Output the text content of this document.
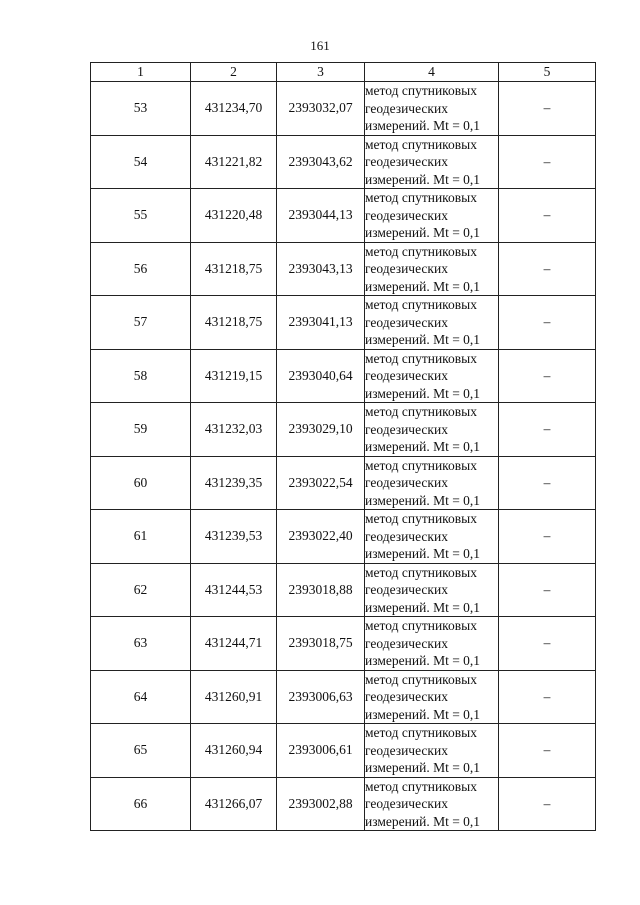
161
1	2	3	4	5
53	431234,70	2393032,07	метод спутниковых
геодезических
измерений. Mt = 0,1	–
54	431221,82	2393043,62	метод спутниковых
геодезических
измерений. Mt = 0,1	–
55	431220,48	2393044,13	метод спутниковых
геодезических
измерений. Mt = 0,1	–
56	431218,75	2393043,13	метод спутниковых
геодезических
измерений. Mt = 0,1	–
57	431218,75	2393041,13	метод спутниковых
геодезических
измерений. Mt = 0,1	–
58	431219,15	2393040,64	метод спутниковых
геодезических
измерений. Mt = 0,1	–
59	431232,03	2393029,10	метод спутниковых
геодезических
измерений. Mt = 0,1	–
60	431239,35	2393022,54	метод спутниковых
геодезических
измерений. Mt = 0,1	–
61	431239,53	2393022,40	метод спутниковых
геодезических
измерений. Mt = 0,1	–
62	431244,53	2393018,88	метод спутниковых
геодезических
измерений. Mt = 0,1	–
63	431244,71	2393018,75	метод спутниковых
геодезических
измерений. Mt = 0,1	–
64	431260,91	2393006,63	метод спутниковых
геодезических
измерений. Mt = 0,1	–
65	431260,94	2393006,61	метод спутниковых
геодезических
измерений. Mt = 0,1	–
66	431266,07	2393002,88	метод спутниковых
геодезических
измерений. Mt = 0,1	–
